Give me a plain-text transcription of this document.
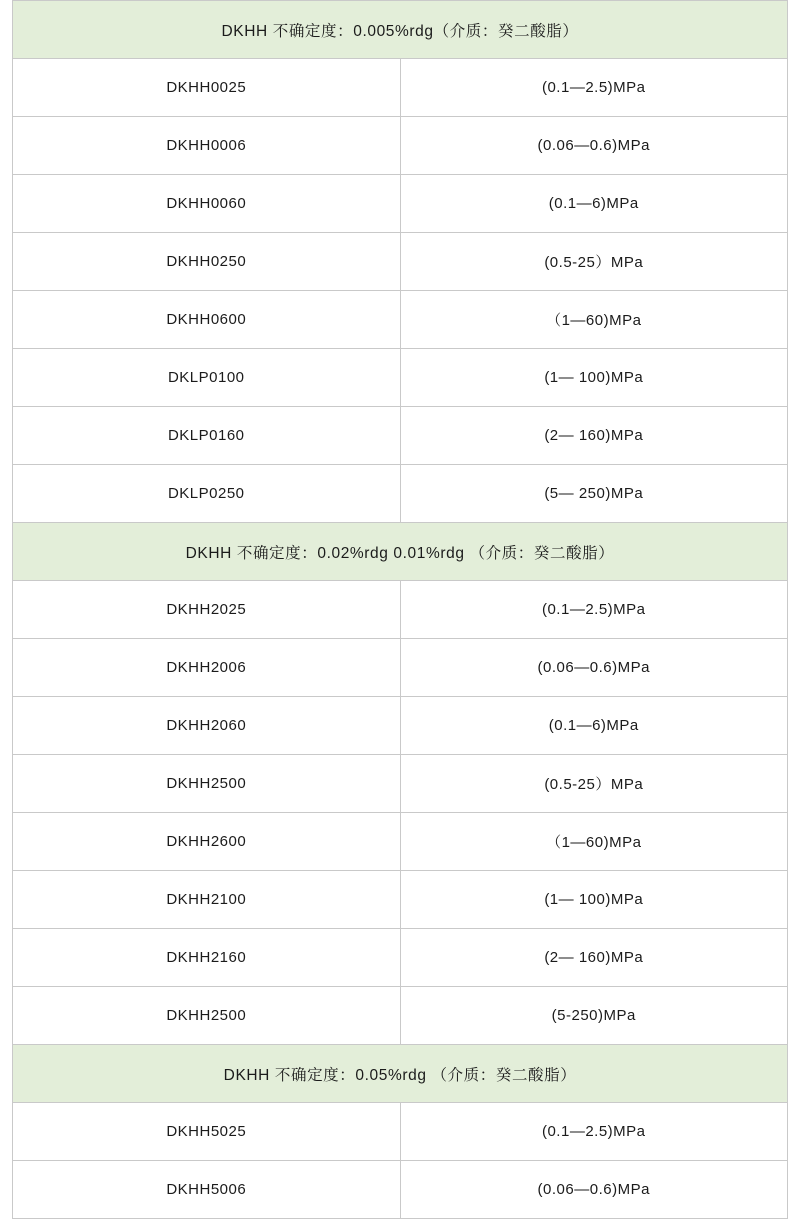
DKHH 不确定度：0.005%rdg（介质：癸二酸脂）	
DKHH0025	(0.1—2.5)MPa
DKHH0006	(0.06—0.6)MPa
DKHH0060	(0.1—6)MPa
DKHH0250	(0.5-25）MPa
DKHH0600	（1—60)MPa
DKLP0100	(1— 100)MPa
DKLP0160	(2— 160)MPa
DKLP0250	(5— 250)MPa
DKHH 不确定度：0.02%rdg 0.01%rdg （介质：癸二酸脂）	
DKHH2025	(0.1—2.5)MPa
DKHH2006	(0.06—0.6)MPa
DKHH2060	(0.1—6)MPa
DKHH2500	(0.5-25）MPa
DKHH2600	（1—60)MPa
DKHH2100	(1— 100)MPa
DKHH2160	(2— 160)MPa
DKHH2500	(5-250)MPa
DKHH 不确定度：0.05%rdg （介质：癸二酸脂）	
DKHH5025	(0.1—2.5)MPa
DKHH5006	(0.06—0.6)MPa
